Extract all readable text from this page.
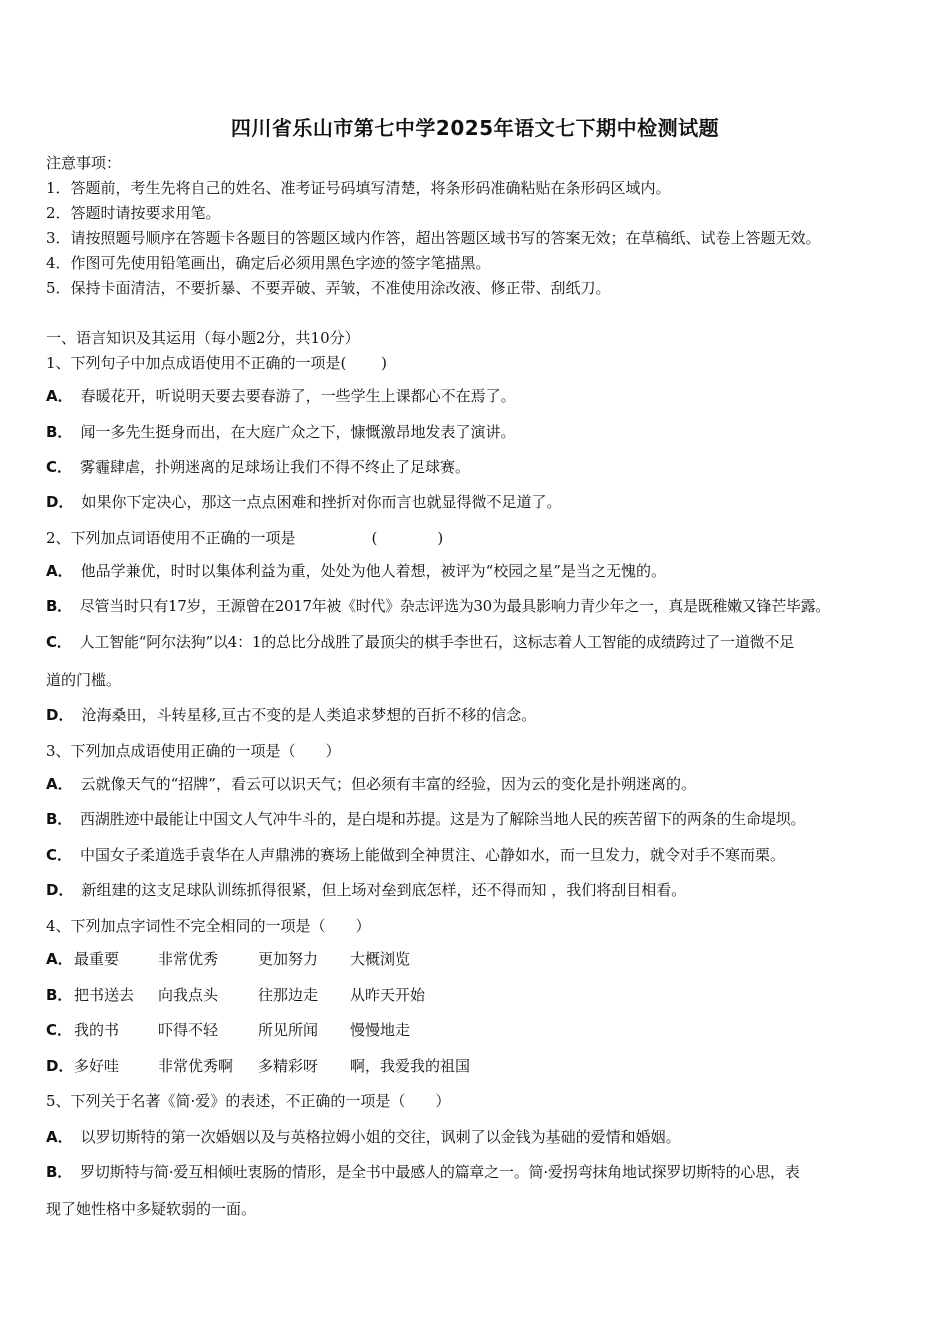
四川省乐山市第七中学2025年语文七下期中检测试题
注意事项：
1．答题前，考生先将自己的姓名、准考证号码填写清楚，将条形码准确粘贴在条形码区域内。
2．答题时请按要求用笔。
3．请按照题号顺序在答题卡各题目的答题区域内作答，超出答题区域书写的答案无效；在草稿纸、试卷上答题无效。
4．作图可先使用铅笔画出，确定后必须用黑色字迹的签字笔描黑。
5．保持卡面清洁，不要折暴、不要弄破、弄皱，不准使用涂改液、修正带、刮纸刀。
一、语言知识及其运用（每小题2分，共10分）
1、下列句子中加点成语使用不正确的一项是(　　 )
A． 春暖花开，听说明天要去要春游了，一些学生上课都心不在焉了。
B． 闻一多先生挺身而出，在大庭广众之下，慷慨激昂地发表了演讲。
C． 雾霾肆虐，扑朔迷离的足球场让我们不得不终止了足球赛。
D． 如果你下定决心，那这一点点困难和挫折对你而言也就显得微不足道了。
2、下列加点词语使用不正确的一项是	(　　　　)
A． 他品学兼优，时时以集体利益为重，处处为他人着想，被评为“校园之星”是当之无愧的。
B． 尽管当时只有17岁，王源曾在2017年被《时代》杂志评选为30为最具影响力青少年之一，真是既稚嫩又锋芒毕露。
C． 人工智能“阿尔法狗”以4：1的总比分战胜了最顶尖的棋手李世石，这标志着人工智能的成绩跨过了一道微不足
道的门槛。
D． 沧海桑田，斗转星移,亘古不变的是人类追求梦想的百折不移的信念。
3、下列加点成语使用正确的一项是（　　）
A． 云就像天气的“招牌”，看云可以识天气；但必须有丰富的经验，因为云的变化是扑朔迷离的。
B． 西湖胜迹中最能让中国文人气冲牛斗的，是白堤和苏提。这是为了解除当地人民的疾苦留下的两条的生命堤坝。
C． 中国女子柔道选手袁华在人声鼎沸的赛场上能做到全神贯注、心静如水，而一旦发力，就令对手不寒而栗。
D． 新组建的这支足球队训练抓得很紧，但上场对垒到底怎样，还不得而知 ，我们将刮目相看。
4、下列加点字词性不完全相同的一项是（　　）
A． 最重要	非常优秀	更加努力 大概浏览
B． 把书送去 向我点头	往那边走 从昨天开始
C． 我的书	吓得不轻	所见所闻 慢慢地走
D． 多好哇	非常优秀啊 多精彩呀 啊，我爱我的祖国
5、下列关于名著《简·爱》的表述，不正确的一项是（　　）
A． 以罗切斯特的第一次婚姻以及与英格拉姆小姐的交往，讽刺了以金钱为基础的爱情和婚姻。
B． 罗切斯特与简·爱互相倾吐衷肠的情形，是全书中最感人的篇章之一。简·爱拐弯抹角地试探罗切斯特的心思，表
现了她性格中多疑软弱的一面。
